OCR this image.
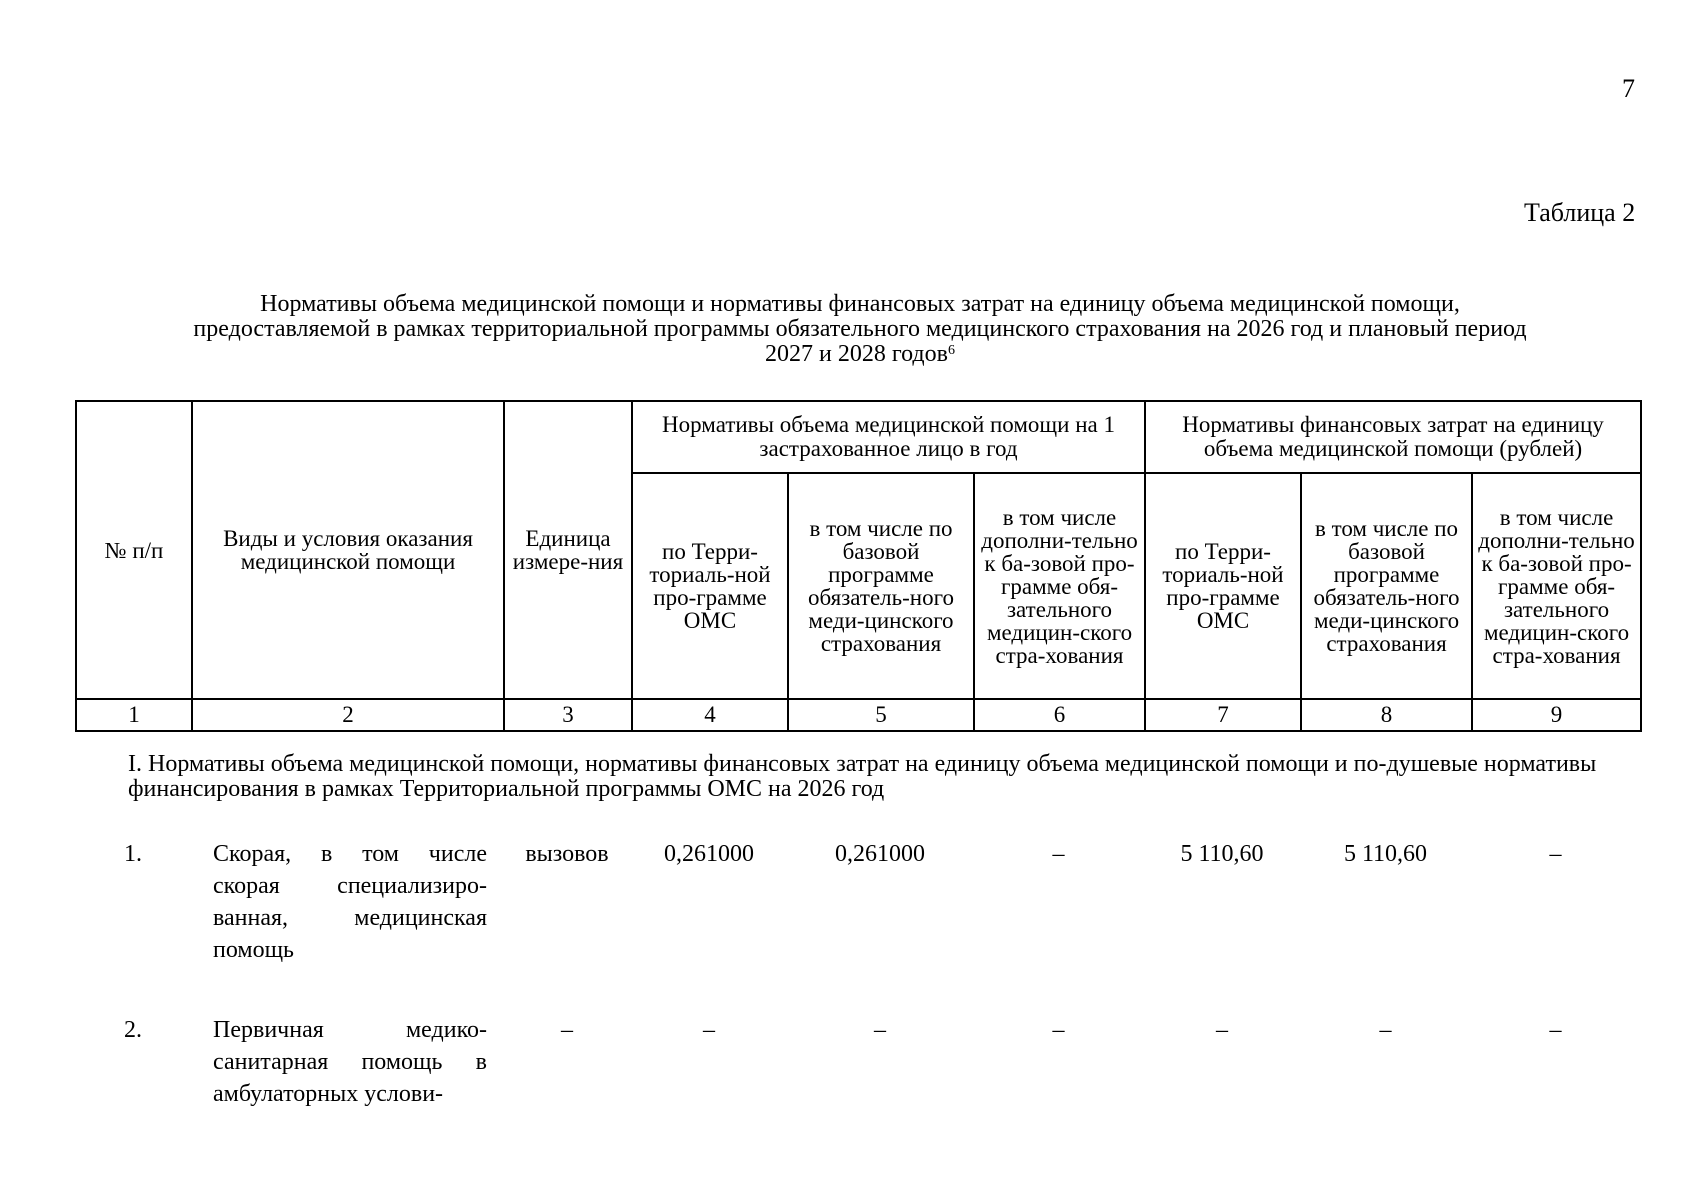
7
Таблица 2
Нормативы объема медицинской помощи и нормативы финансовых затрат на единицу объема медицинской помощи,
предоставляемой в рамках территориальной программы обязательного медицинского страхования на 2026 год и плановый период
2027 и 2028 годов$^6$
№ п/п	Виды и условия оказания медицинской помощи	Единица измере-ния	Нормативы объема медицинской помощи на 1 застрахованное лицо в год			Нормативы финансовых затрат на единицу объема медицинской помощи (рублей)		
			по Терри-ториаль-ной про-грамме ОМС	в том числе по базовой программе обязатель-ного меди-цинского страхования	в том числе дополни-тельно к ба-зовой про-грамме обя-зательного медицин-ского стра-хования	по Терри-ториаль-ной про-грамме ОМС	в том числе по базовой программе обязатель-ного меди-цинского страхования	в том числе дополни-тельно к ба-зовой про-грамме обя-зательного медицин-ского стра-хования
1	2	3	4	5	6	7	8	9
I. Нормативы объема медицинской помощи, нормативы финансовых затрат на единицу объема медицинской помощи и по-душевые нормативы финансирования в рамках Территориальной программы ОМС на 2026 год
1.	Скорая, в том числе скорая специализиро-ванная, медицинская помощь	вызовов	0,261000	0,261000	–	5 110,60	5 110,60	–

2.	Первичная медико-санитарная помощь в амбулаторных услови-	–	–	–	–	–	–	–
